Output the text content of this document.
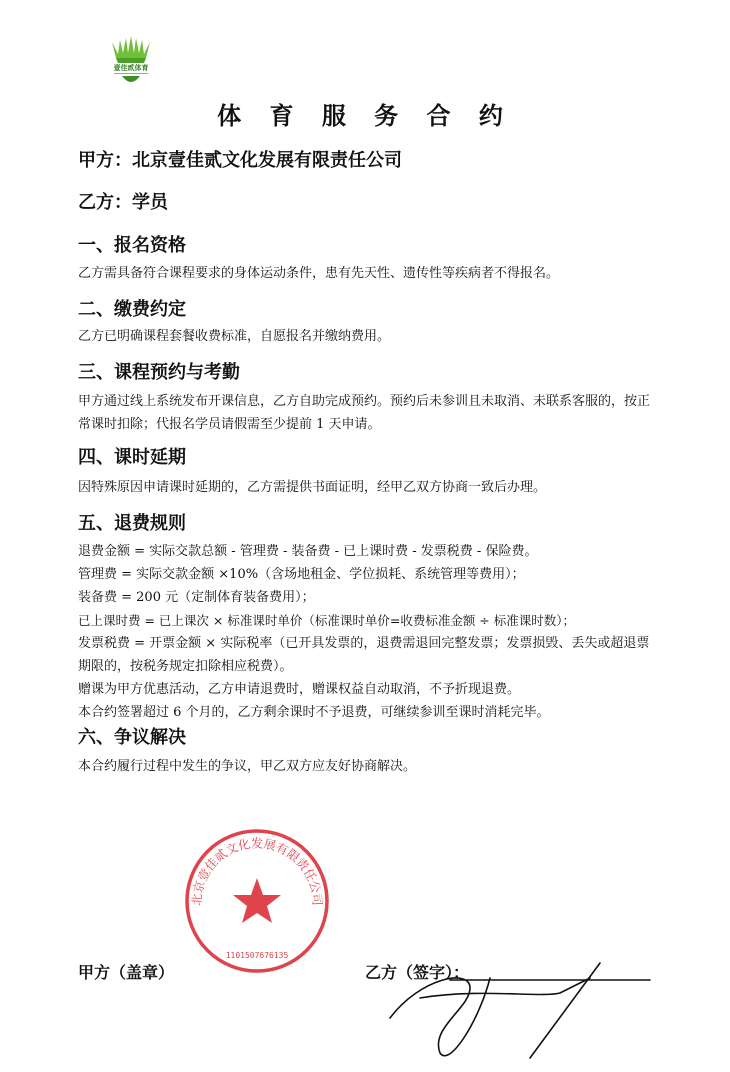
壹佳贰体育
体 育 服 务 合 约
甲方：北京壹佳贰文化发展有限责任公司
乙方：学员
一、报名资格
乙方需具备符合课程要求的身体运动条件，患有先天性、遗传性等疾病者不得报名。
二、缴费约定
乙方已明确课程套餐收费标准，自愿报名并缴纳费用。
三、课程预约与考勤
甲方通过线上系统发布开课信息，乙方自助完成预约。预约后未参训且未取消、未联系客服的，按正常课时扣除；代报名学员请假需至少提前 1 天申请。
四、课时延期
因特殊原因申请课时延期的，乙方需提供书面证明，经甲乙双方协商一致后办理。
五、退费规则
退费金额 = 实际交款总额 - 管理费 - 装备费 - 已上课时费 - 发票税费 - 保险费。
管理费 = 实际交款金额 ×10%（含场地租金、学位损耗、系统管理等费用）；
装备费 = 200 元（定制体育装备费用）；
已上课时费 = 已上课次 × 标准课时单价（标准课时单价=收费标准金额 ÷ 标准课时数）；
发票税费 = 开票金额 × 实际税率（已开具发票的，退费需退回完整发票；发票损毁、丢失或超退票期限的，按税务规定扣除相应税费）。
赠课为甲方优惠活动，乙方申请退费时，赠课权益自动取消，不予折现退费。
本合约签署超过 6 个月的，乙方剩余课时不予退费，可继续参训至课时消耗完毕。
六、争议解决
本合约履行过程中发生的争议，甲乙双方应友好协商解决。
北京壹佳贰文化发展有限责任公司
1101507676135
甲方（盖章）	乙方（签字）：
